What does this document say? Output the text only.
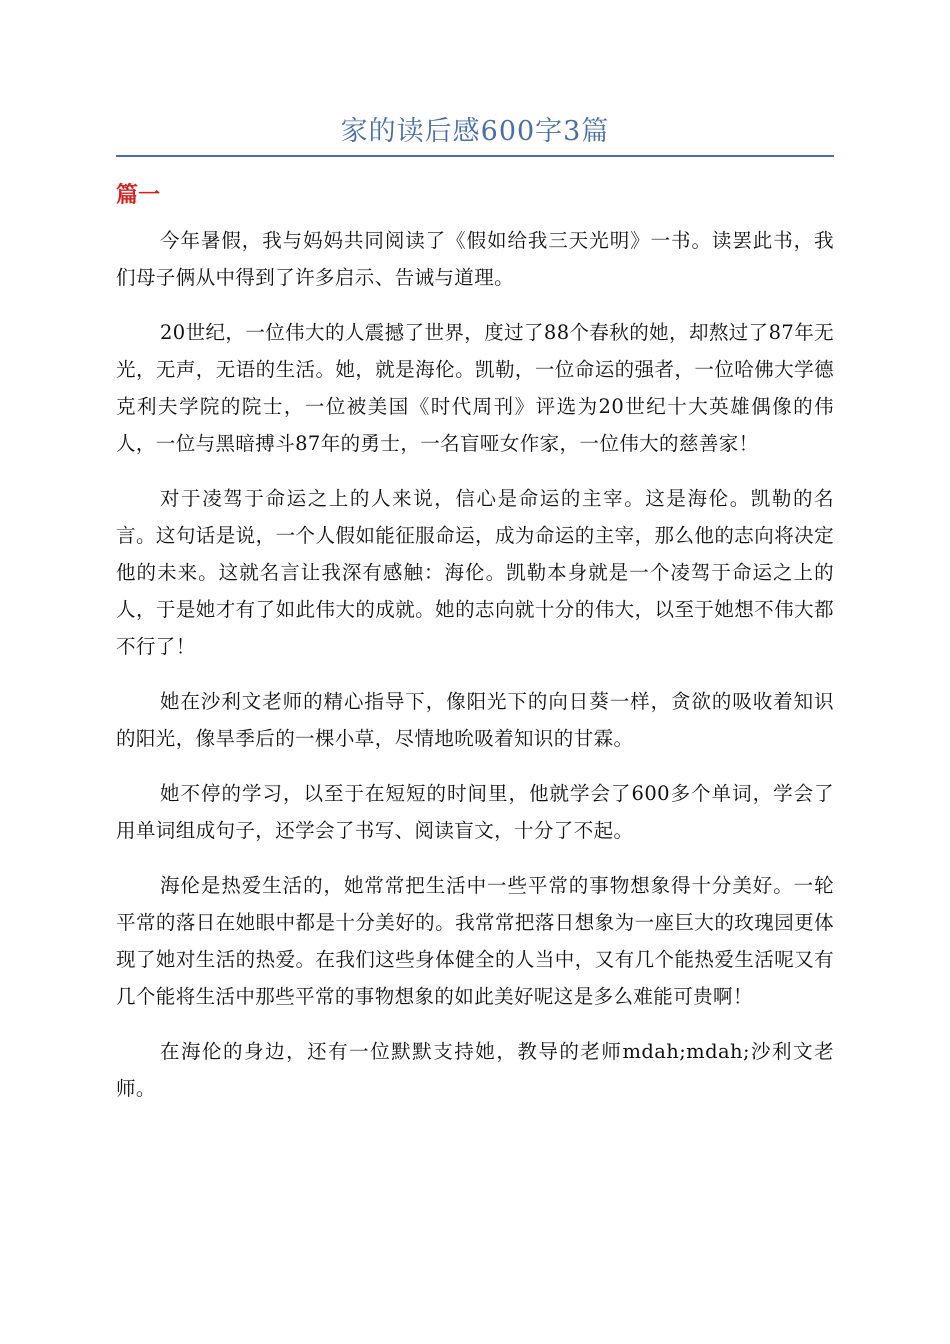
家的读后感600字3篇
篇一

今年暑假，我与妈妈共同阅读了《假如给我三天光明》一书。读罢此书，我们母子俩从中得到了许多启示、告诫与道理。

20世纪，一位伟大的人震撼了世界，度过了88个春秋的她，却熬过了87年无光，无声，无语的生活。她，就是海伦。凯勒，一位命运的强者，一位哈佛大学德克利夫学院的院士，一位被美国《时代周刊》评选为20世纪十大英雄偶像的伟人，一位与黑暗搏斗87年的勇士，一名盲哑女作家，一位伟大的慈善家！

对于凌驾于命运之上的人来说，信心是命运的主宰。这是海伦。凯勒的名言。这句话是说，一个人假如能征服命运，成为命运的主宰，那么他的志向将决定他的未来。这就名言让我深有感触：海伦。凯勒本身就是一个凌驾于命运之上的人，于是她才有了如此伟大的成就。她的志向就十分的伟大，以至于她想不伟大都不行了！

她在沙利文老师的精心指导下，像阳光下的向日葵一样，贪欲的吸收着知识的阳光，像旱季后的一棵小草，尽情地吮吸着知识的甘霖。

她不停的学习，以至于在短短的时间里，他就学会了600多个单词，学会了用单词组成句子，还学会了书写、阅读盲文，十分了不起。

海伦是热爱生活的，她常常把生活中一些平常的事物想象得十分美好。一轮平常的落日在她眼中都是十分美好的。我常常把落日想象为一座巨大的玫瑰园更体现了她对生活的热爱。在我们这些身体健全的人当中，又有几个能热爱生活呢又有几个能将生活中那些平常的事物想象的如此美好呢这是多么难能可贵啊！

在海伦的身边，还有一位默默支持她，教导的老师mdah;mdah;沙利文老师。
